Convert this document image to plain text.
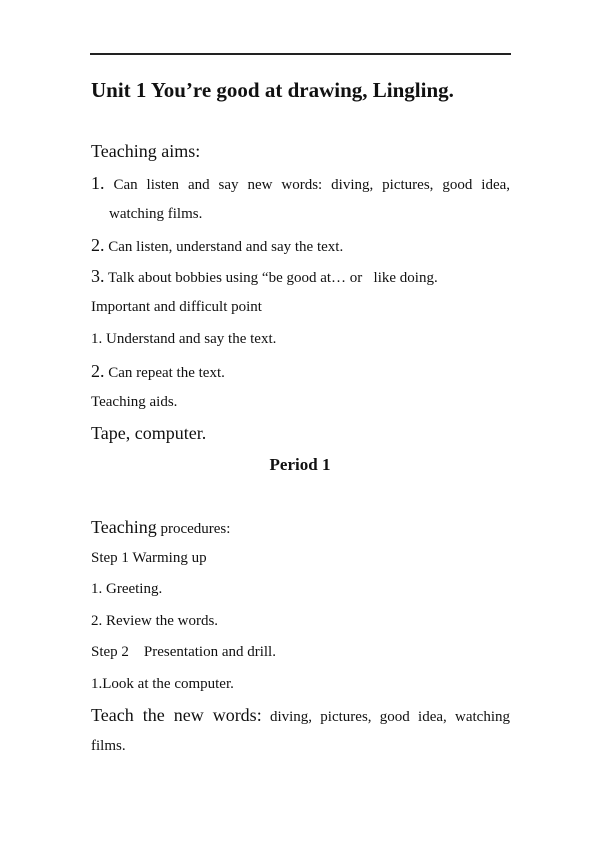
Unit 1 You’re good at drawing, Lingling.
Teaching aims:
1. Can listen and say new words: diving, pictures, good idea,
watching films.
2. Can listen, understand and say the text.
3. Talk about bobbies using “be good at… or   like doing.
Important and difficult point
1. Understand and say the text.
2. Can repeat the text.
Teaching aids.
Tape, computer.
Period 1
Teaching procedures:
Step 1 Warming up
1. Greeting.
2. Review the words.
Step 2    Presentation and drill.
1.Look at the computer.
Teach the new words: diving, pictures, good idea, watching
films.
